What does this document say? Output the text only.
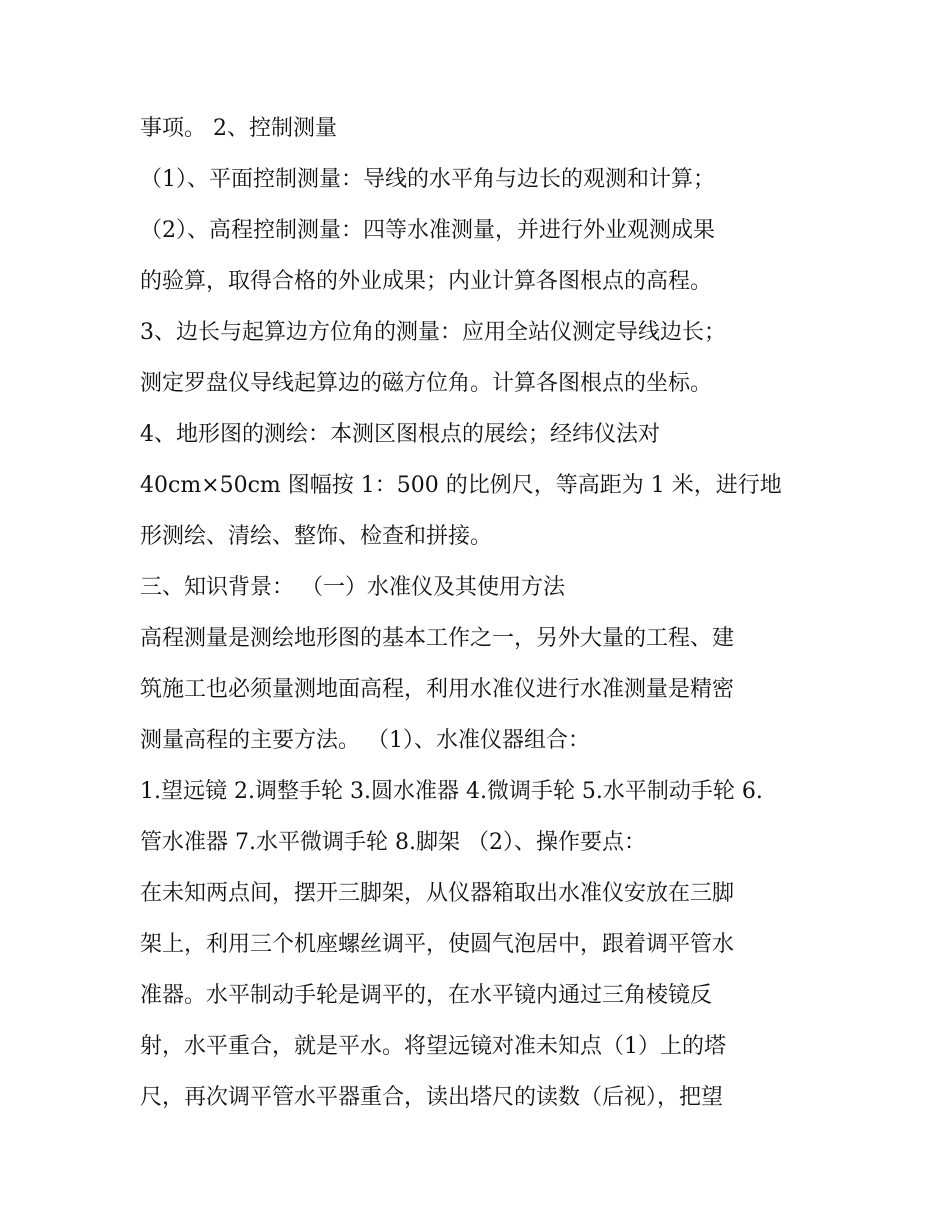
事项。 2、控制测量
（1）、平面控制测量：导线的水平角与边长的观测和计算；
（2）、高程控制测量：四等水准测量，并进行外业观测成果
的验算，取得合格的外业成果；内业计算各图根点的高程。
3、边长与起算边方位角的测量：应用全站仪测定导线边长；
测定罗盘仪导线起算边的磁方位角。计算各图根点的坐标。
4、地形图的测绘：本测区图根点的展绘；经纬仪法对
40cm×50cm 图幅按 1：500 的比例尺，等高距为 1 米，进行地
形测绘、清绘、整饰、检查和拼接。
三、知识背景： （一）水准仪及其使用方法
高程测量是测绘地形图的基本工作之一，另外大量的工程、建
筑施工也必须量测地面高程，利用水准仪进行水准测量是精密
测量高程的主要方法。 （1）、水准仪器组合：
1.望远镜 2.调整手轮 3.圆水准器 4.微调手轮 5.水平制动手轮 6.
管水准器 7.水平微调手轮 8.脚架 （2）、操作要点：
在未知两点间，摆开三脚架，从仪器箱取出水准仪安放在三脚
架上，利用三个机座螺丝调平，使圆气泡居中，跟着调平管水
准器。水平制动手轮是调平的，在水平镜内通过三角棱镜反
射，水平重合，就是平水。将望远镜对准未知点（1）上的塔
尺，再次调平管水平器重合，读出塔尺的读数（后视），把望
